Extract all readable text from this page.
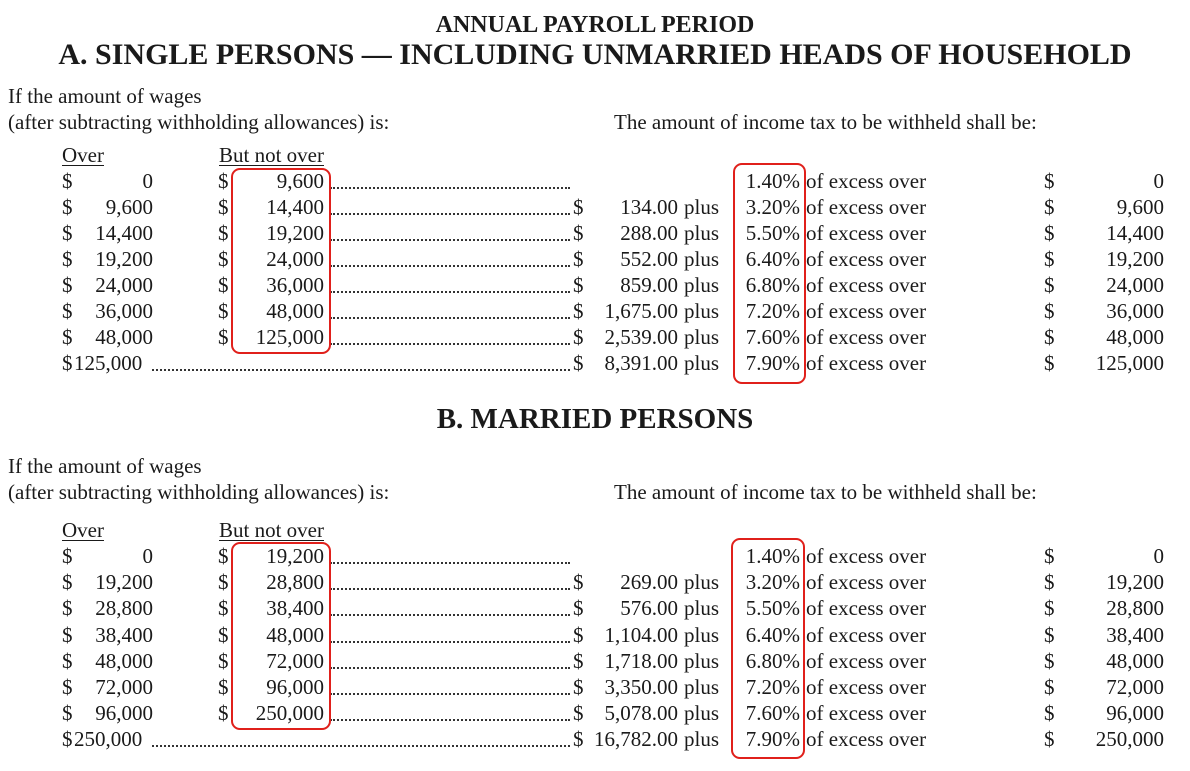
ANNUAL PAYROLL PERIOD
A. SINGLE PERSONS — INCLUDING UNMARRIED HEADS OF HOUSEHOLD
If the amount of wages
(after subtracting withholding allowances) is:	The amount of income tax to be withheld shall be:
Over	But not over
$	0	$ 9,600	1.40% of excess over	$	0
$ 9,600	$ 14,400	$ 134.00 plus 3.20% of excess over	$	9,600
$ 14,400	$ 19,200	$ 288.00 plus 5.50% of excess over	$ 14,400
$ 19,200	$ 24,000	$ 552.00 plus 6.40% of excess over	$ 19,200
$ 24,000	$ 36,000	$ 859.00 plus 6.80% of excess over	$ 24,000
$ 36,000	$ 48,000	$ 1,675.00 plus 7.20% of excess over	$ 36,000
$ 48,000	$ 125,000	$ 2,539.00 plus 7.60% of excess over	$ 48,000
$ 125,000	$ 8,391.00 plus 7.90% of excess over	$ 125,000
B. MARRIED PERSONS
If the amount of wages
(after subtracting withholding allowances) is:	The amount of income tax to be withheld shall be:
Over	But not over
$	0	$ 19,200	1.40% of excess over	$	0
$ 19,200	$ 28,800	$ 269.00 plus 3.20% of excess over	$ 19,200
$ 28,800	$ 38,400	$ 576.00 plus 5.50% of excess over	$ 28,800
$ 38,400	$ 48,000	$ 1,104.00 plus 6.40% of excess over	$ 38,400
$ 48,000	$ 72,000	$ 1,718.00 plus 6.80% of excess over	$ 48,000
$ 72,000	$ 96,000	$ 3,350.00 plus 7.20% of excess over	$ 72,000
$ 96,000	$ 250,000	$ 5,078.00 plus 7.60% of excess over	$ 96,000
$ 250,000	$ 16,782.00 plus 7.90% of excess over	$ 250,000
